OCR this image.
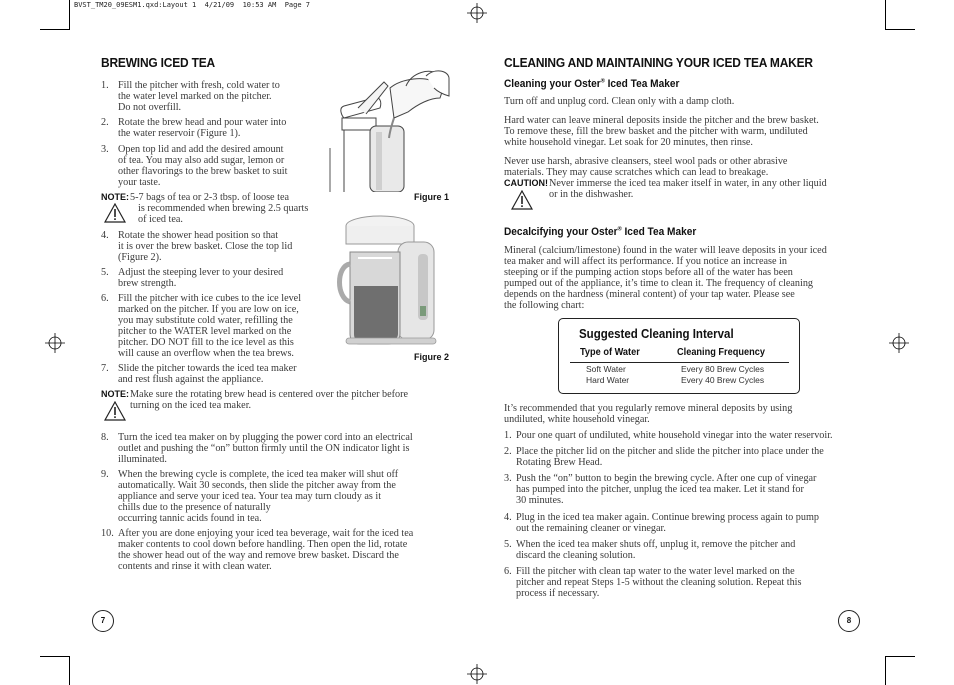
BVST_TM20_09ESM1.qxd:Layout 1  4/21/09  10:53 AM  Page 7
BREWING ICED TEA
1. Fill the pitcher with fresh, cold water to

the water level marked on the pitcher.

Do not overfill.

2. Rotate the brew head and pour water into

the water reservoir (Figure 1).

3. Open top lid and add the desired amount

of tea. You may also add sugar, lemon or

other flavorings to the brew basket to suit

your taste.

NOTE: 5-7 bags of tea or 2-3 tbsp. of loose tea

is recommended when brewing 2.5 quarts

of iced tea.

4. Rotate the shower head position so that

it is over the brew basket. Close the top lid

(Figure 2).

5. Adjust the steeping lever to your desired

brew strength.

6. Fill the pitcher with ice cubes to the ice level

marked on the pitcher. If you are low on ice,

you may substitute cold water, refilling the

pitcher to the WATER level marked on the

pitcher. DO NOT fill to the ice level as this

will cause an overflow when the tea brews.

7. Slide the pitcher towards the iced tea maker

and rest flush against the appliance.

NOTE: Make sure the rotating brew head is centered over the pitcher before

turning on the iced tea maker.

8. Turn the iced tea maker on by plugging the power cord into an electrical

outlet and pushing the “on” button firmly until the ON indicator light is

illuminated.

9. When the brewing cycle is complete, the iced tea maker will shut off

automatically. Wait 30 seconds, then slide the pitcher away from the

appliance and serve your iced tea. Your tea may turn cloudy as it

chills due to the presence of naturally

occurring tannic acids found in tea.

10. After you are done enjoying your iced tea beverage, wait for the iced tea

maker contents to cool down before handling. Then open the lid, rotate

the shower head out of the way and remove brew basket. Discard the

contents and rinse it with clean water.

Figure 1
Figure 2
7
CLEANING AND MAINTAINING YOUR ICED TEA MAKER
Cleaning your Oster® Iced Tea Maker

Turn off and unplug cord. Clean only with a damp cloth.

Hard water can leave mineral deposits inside the pitcher and the brew basket.

To remove these, fill the brew basket and the pitcher with warm, undiluted

white household vinegar. Let soak for 20 minutes, then rinse.

Never use harsh, abrasive cleansers, steel wool pads or other abrasive

materials. They may cause scratches which can lead to breakage.

CAUTION! Never immerse the iced tea maker itself in water, in any other liquid

or in the dishwasher.

Decalcifying your Oster® Iced Tea Maker

Mineral (calcium/limestone) found in the water will leave deposits in your iced

tea maker and will affect its performance. If you notice an increase in

steeping or if the pumping action stops before all of the water has been

pumped out of the appliance, it’s time to clean it. The frequency of cleaning

depends on the hardness (mineral content) of your tap water. Please see

the following chart:

Suggested Cleaning Interval
Type of Water	Cleaning Frequency
Soft Water
Hard Water
Every 80 Brew Cycles
Every 40 Brew Cycles

It’s recommended that you regularly remove mineral deposits by using

undiluted, white household vinegar.

1. Pour one quart of undiluted, white household vinegar into the water reservoir.

2. Place the pitcher lid on the pitcher and slide the pitcher into place under the

Rotating Brew Head.

3. Push the “on” button to begin the brewing cycle. After one cup of vinegar

has pumped into the pitcher, unplug the iced tea maker. Let it stand for

30 minutes.

4. Plug in the iced tea maker again. Continue brewing process again to pump

out the remaining cleaner or vinegar.

5. When the iced tea maker shuts off, unplug it, remove the pitcher and

discard the cleaning solution.

6. Fill the pitcher with clean tap water to the water level marked on the

pitcher and repeat Steps 1-5 without the cleaning solution. Repeat this

process if necessary.

8
